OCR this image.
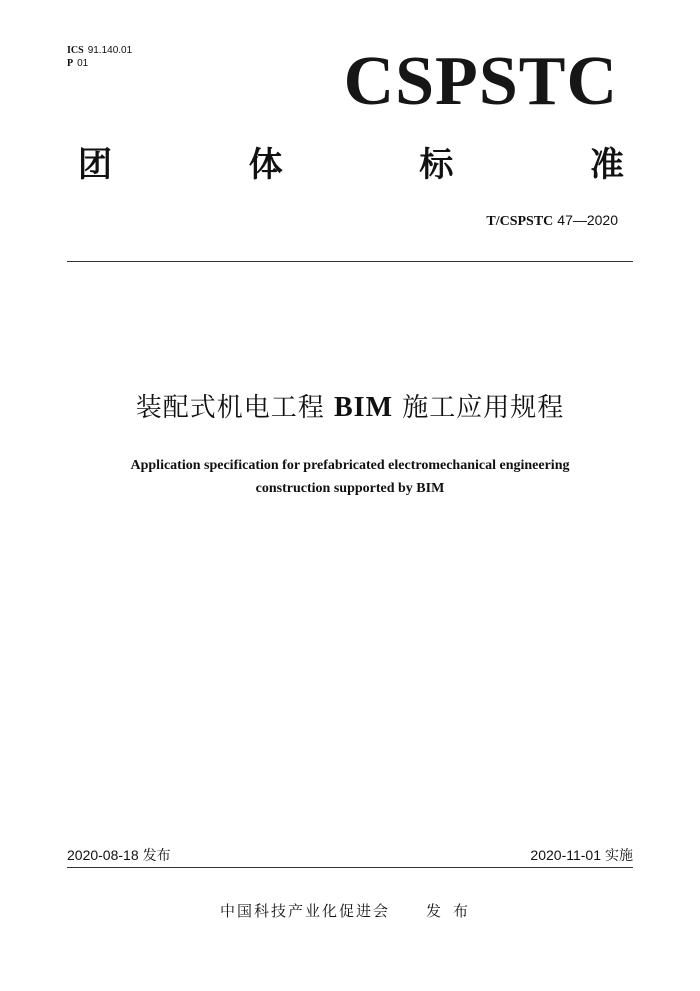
ICS 91.140.01
P 01	CSPSTC
团	体	标	准
T/CSPSTC 47—2020
装配式机电工程 BIM 施工应用规程
Application specification for prefabricated electromechanical engineering
construction supported by BIM
2020-08-18 发布	2020-11-01 实施
中国科技产业化促进会 发布
